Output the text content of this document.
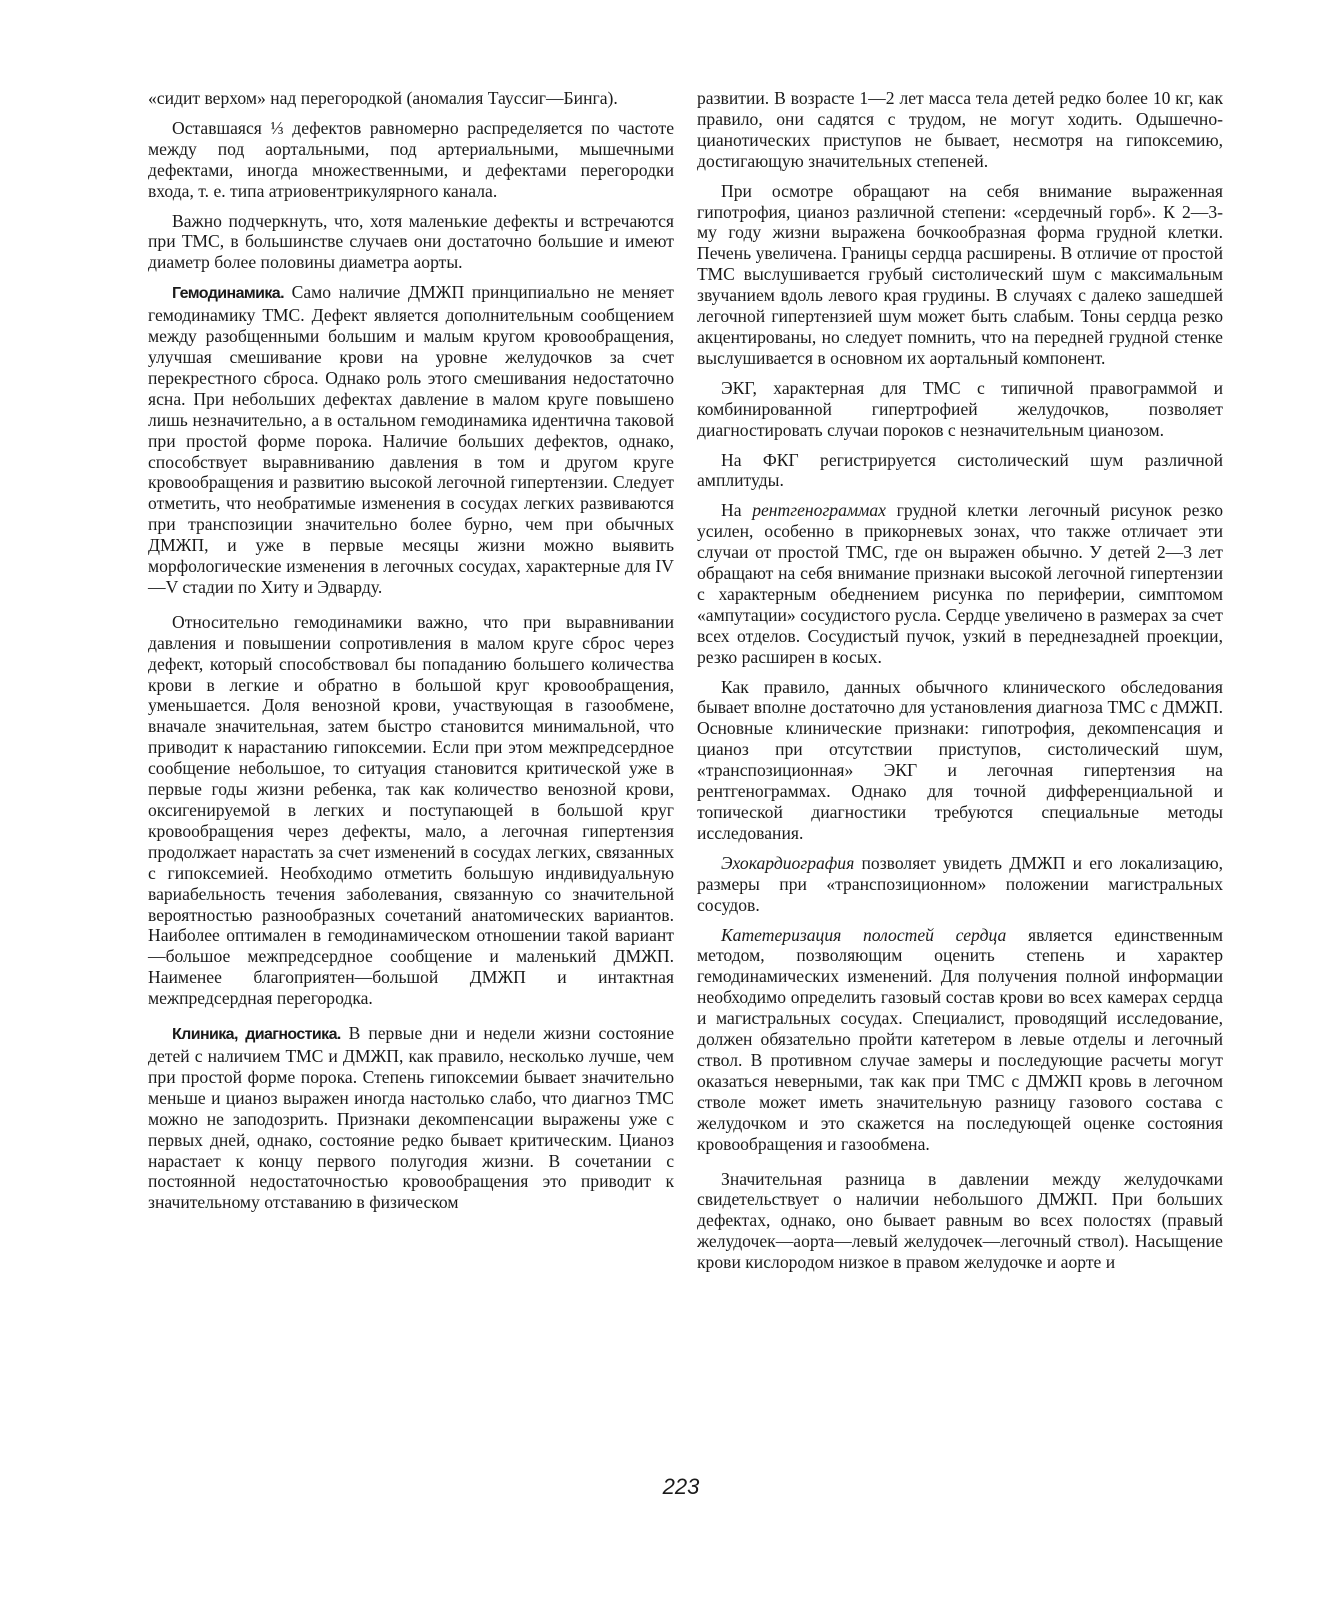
«сидит верхом» над перегородкой (аномалия Тауссиг—Бинга).

Оставшаяся ⅓ дефектов равномерно распределяется по частоте между под аортальными, под артериальными, мышечными дефектами, иногда множественными, и дефектами перегородки входа, т. е. типа атриовентрикулярного канала.

Важно подчеркнуть, что, хотя маленькие дефекты и встречаются при ТМС, в большинстве случаев они достаточно большие и имеют диаметр более половины диаметра аорты.

Гемодинамика. Само наличие ДМЖП принципиально не меняет гемодинамику ТМС. Дефект является дополнительным сообщением между разобщенными большим и малым кругом кровообращения, улучшая смешивание крови на уровне желудочков за счет перекрестного сброса. Однако роль этого смешивания недостаточно ясна. При небольших дефектах давление в малом круге повышено лишь незначительно, а в остальном гемодинамика идентична таковой при простой форме порока. Наличие больших дефектов, однако, способствует выравниванию давления в том и другом круге кровообращения и развитию высокой легочной гипертензии. Следует отметить, что необратимые изменения в сосудах легких развиваются при транспозиции значительно более бурно, чем при обычных ДМЖП, и уже в первые месяцы жизни можно выявить морфологические изменения в легочных сосудах, характерные для IV—V стадии по Хиту и Эдварду.

Относительно гемодинамики важно, что при выравнивании давления и повышении сопротивления в малом круге сброс через дефект, который способствовал бы попаданию большего количества крови в легкие и обратно в большой круг кровообращения, уменьшается. Доля венозной крови, участвующая в газообмене, вначале значительная, затем быстро становится минимальной, что приводит к нарастанию гипоксемии. Если при этом межпредсердное сообщение небольшое, то ситуация становится критической уже в первые годы жизни ребенка, так как количество венозной крови, оксигенируемой в легких и поступающей в большой круг кровообращения через дефекты, мало, а легочная гипертензия продолжает нарастать за счет изменений в сосудах легких, связанных с гипоксемией. Необходимо отметить большую индивидуальную вариабельность течения заболевания, связанную со значительной вероятностью разнообразных сочетаний анатомических вариантов. Наиболее оптимален в гемодинамическом отношении такой вариант—большое межпредсердное сообщение и маленький ДМЖП. Наименее благоприятен—большой ДМЖП и интактная межпредсердная перегородка.

Клиника, диагностика. В первые дни и недели жизни состояние детей с наличием ТМС и ДМЖП, как правило, несколько лучше, чем при простой форме порока. Степень гипоксемии бывает значительно меньше и цианоз выражен иногда настолько слабо, что диагноз ТМС можно не заподозрить. Признаки декомпенсации выражены уже с первых дней, однако, состояние редко бывает критическим. Цианоз нарастает к концу первого полугодия жизни. В сочетании с постоянной недостаточностью кровообращения это приводит к значительному отставанию в физическом

развитии. В возрасте 1—2 лет масса тела детей редко более 10 кг, как правило, они садятся с трудом, не могут ходить. Одышечно-цианотических приступов не бывает, несмотря на гипоксемию, достигающую значительных степеней.

При осмотре обращают на себя внимание выраженная гипотрофия, цианоз различной степени: «сердечный горб». К 2—3-му году жизни выражена бочкообразная форма грудной клетки. Печень увеличена. Границы сердца расширены. В отличие от простой ТМС выслушивается грубый систолический шум с максимальным звучанием вдоль левого края грудины. В случаях с далеко зашедшей легочной гипертензией шум может быть слабым. Тоны сердца резко акцентированы, но следует помнить, что на передней грудной стенке выслушивается в основном их аортальный компонент.

ЭКГ, характерная для ТМС с типичной правограммой и комбинированной гипертрофией желудочков, позволяет диагностировать случаи пороков с незначительным цианозом.

На ФКГ регистрируется систолический шум различной амплитуды.

На рентгенограммах грудной клетки легочный рисунок резко усилен, особенно в прикорневых зонах, что также отличает эти случаи от простой ТМС, где он выражен обычно. У детей 2—3 лет обращают на себя внимание признаки высокой легочной гипертензии с характерным обеднением рисунка по периферии, симптомом «ампутации» сосудистого русла. Сердце увеличено в размерах за счет всех отделов. Сосудистый пучок, узкий в переднезадней проекции, резко расширен в косых.

Как правило, данных обычного клинического обследования бывает вполне достаточно для установления диагноза ТМС с ДМЖП. Основные клинические признаки: гипотрофия, декомпенсация и цианоз при отсутствии приступов, систолический шум, «транспозиционная» ЭКГ и легочная гипертензия на рентгенограммах. Однако для точной дифференциальной и топической диагностики требуются специальные методы исследования.

Эхокардиография позволяет увидеть ДМЖП и его локализацию, размеры при «транспозиционном» положении магистральных сосудов.

Катетеризация полостей сердца является единственным методом, позволяющим оценить степень и характер гемодинамических изменений. Для получения полной информации необходимо определить газовый состав крови во всех камерах сердца и магистральных сосудах. Специалист, проводящий исследование, должен обязательно пройти катетером в левые отделы и легочный ствол. В противном случае замеры и последующие расчеты могут оказаться неверными, так как при ТМС с ДМЖП кровь в легочном стволе может иметь значительную разницу газового состава с желудочком и это скажется на последующей оценке состояния кровообращения и газообмена.

Значительная разница в давлении между желудочками свидетельствует о наличии небольшого ДМЖП. При больших дефектах, однако, оно бывает равным во всех полостях (правый желудочек—аорта—левый желудочек—легочный ствол). Насыщение крови кислородом низкое в правом желудочке и аорте и

223
